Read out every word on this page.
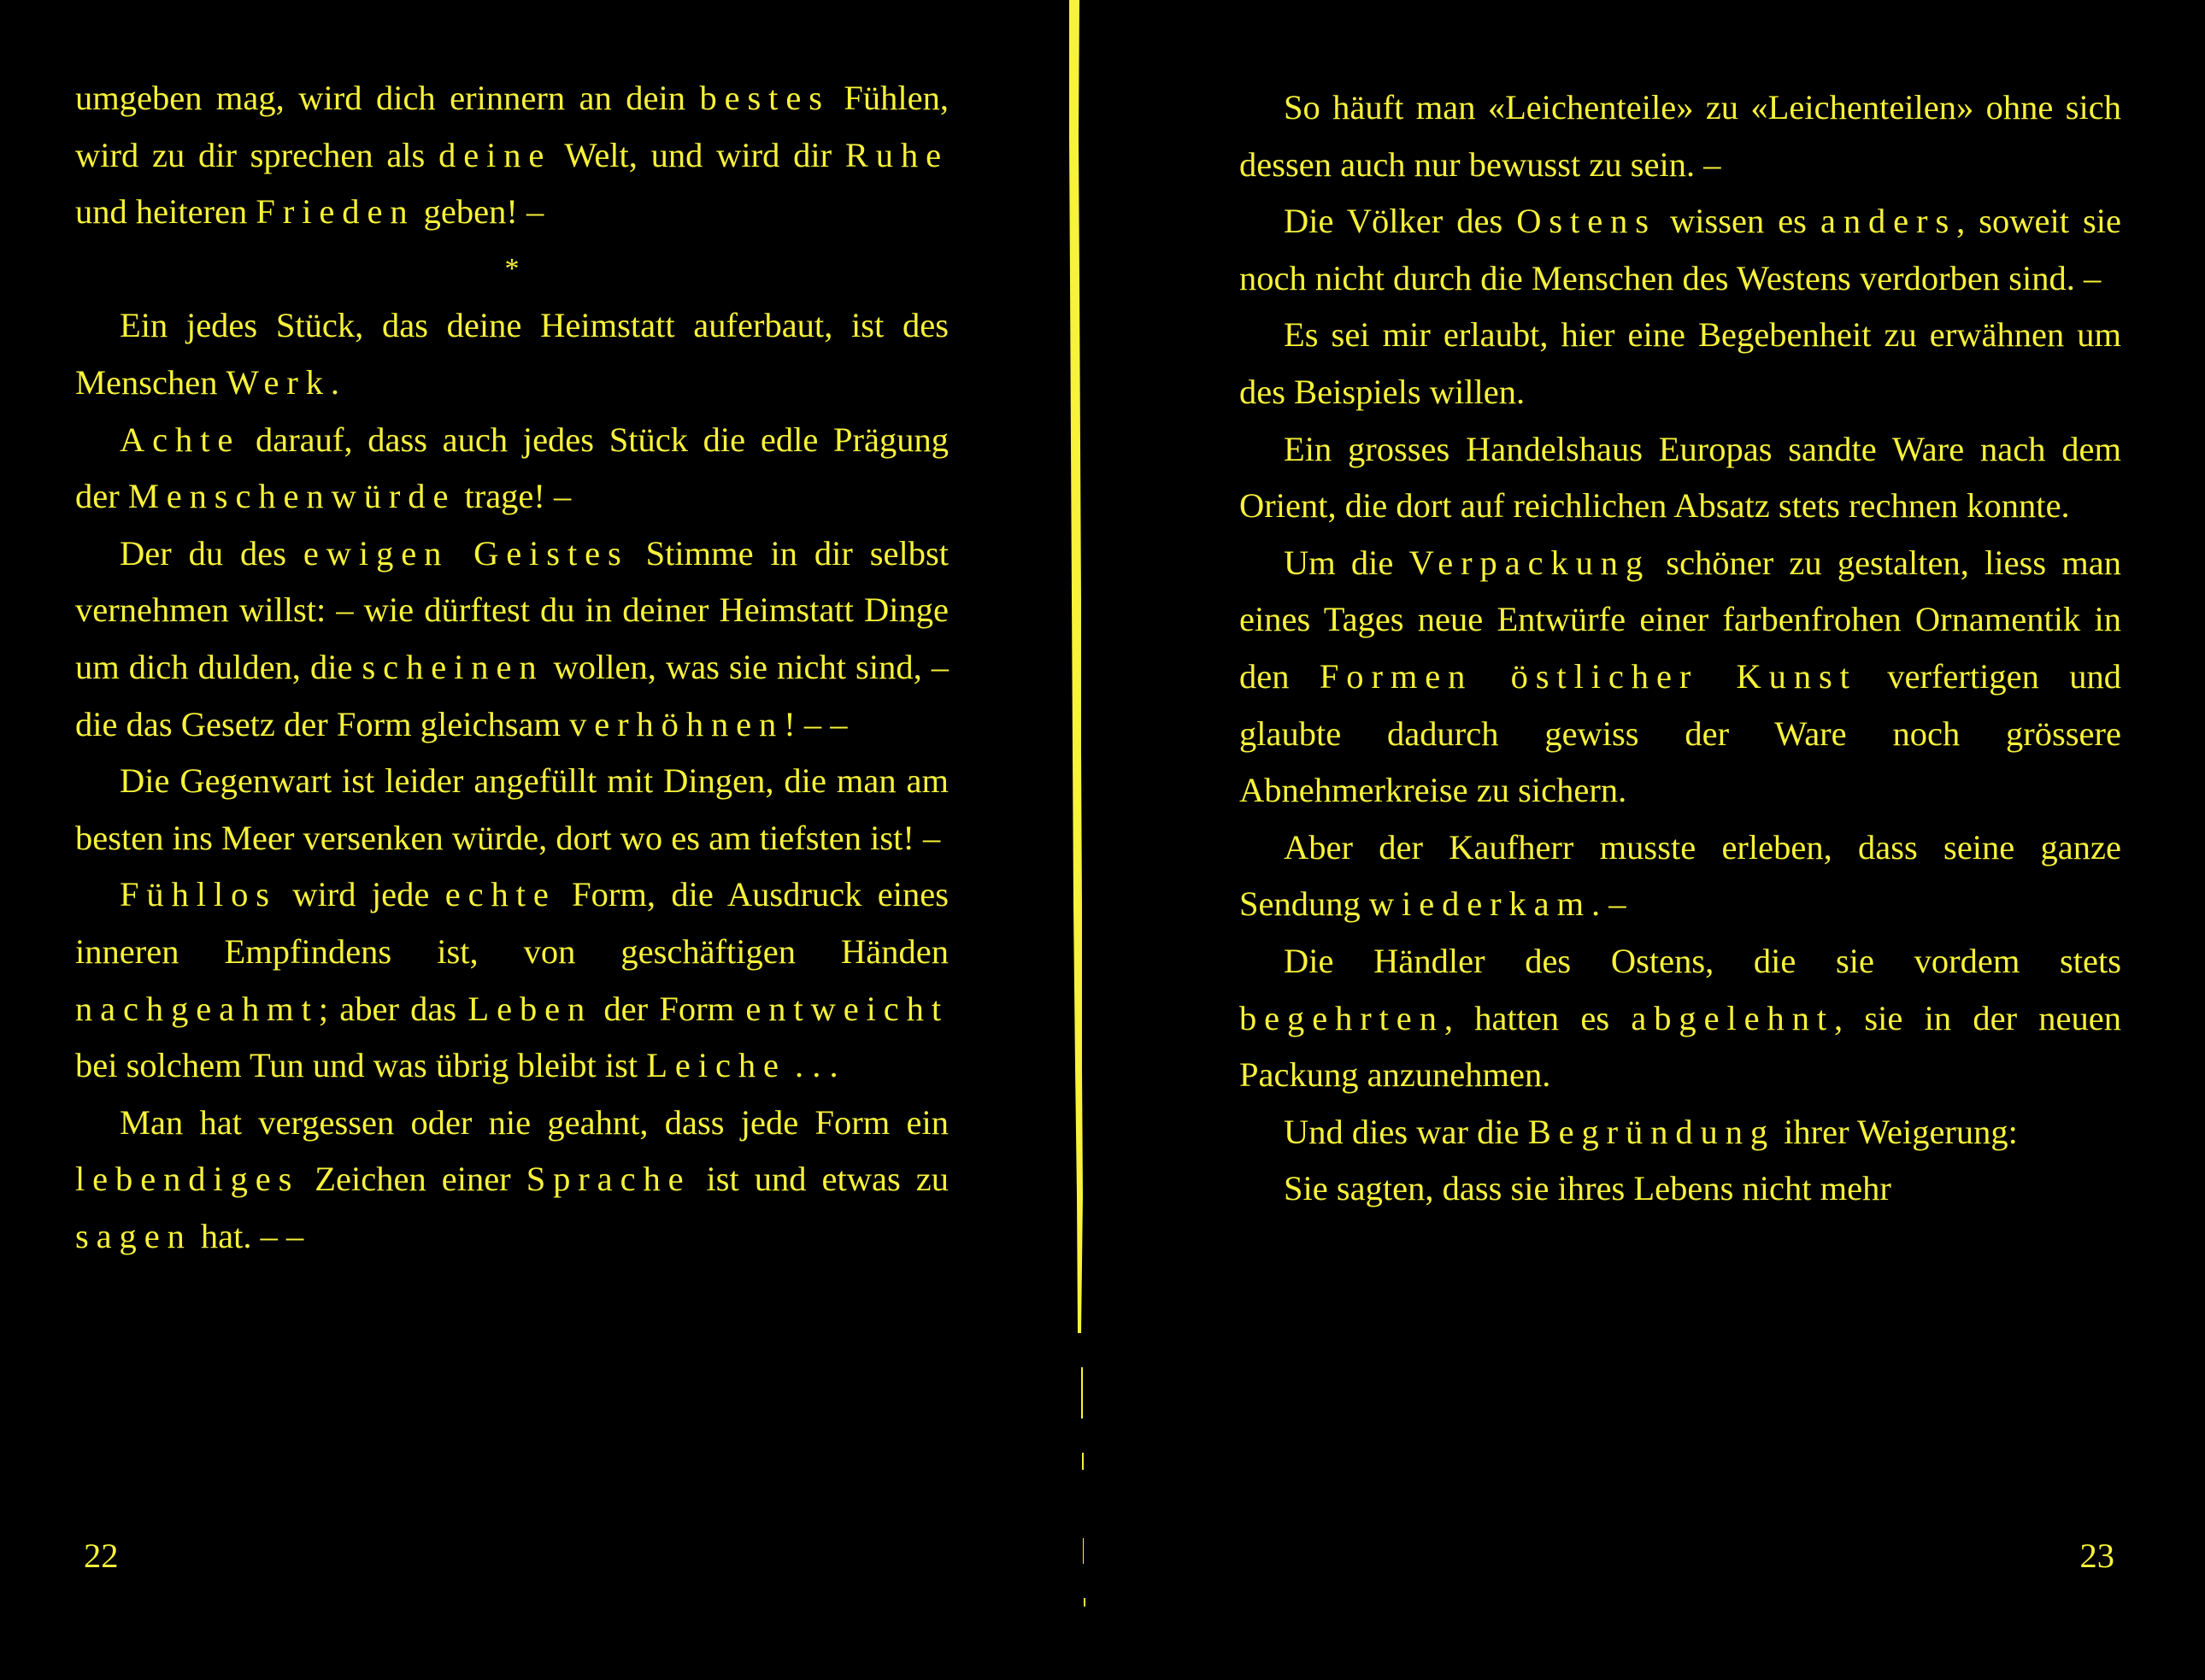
umgeben mag, wird dich erinnern an dein bestes Fühlen, wird zu dir sprechen als deine Welt, und wird dir Ruhe und heiteren Frieden geben! –

*

Ein jedes Stück, das deine Heimstatt auferbaut, ist des Menschen Werk.

Achte darauf, dass auch jedes Stück die edle Prägung der Menschenwürde trage! –

Der du des ewigen Geistes Stimme in dir selbst vernehmen willst: – wie dürftest du in deiner Heimstatt Dinge um dich dulden, die scheinen wollen, was sie nicht sind, – die das Gesetz der Form gleichsam verhöhnen! – –

Die Gegenwart ist leider angefüllt mit Dingen, die man am besten ins Meer versenken würde, dort wo es am tiefsten ist! –

Fühllos wird jede echte Form, die Ausdruck eines inneren Empfindens ist, von geschäftigen Händen nachgeahmt; aber das Leben der Form entweicht bei solchem Tun und was übrig bleibt ist Leiche . . .

Man hat vergessen oder nie geahnt, dass jede Form ein lebendiges Zeichen einer Sprache ist und etwas zu sagen hat. – –

22

So häuft man «Leichenteile» zu «Leichenteilen» ohne sich dessen auch nur bewusst zu sein. –

Die Völker des Ostens wissen es anders, soweit sie noch nicht durch die Menschen des Westens verdorben sind. –

Es sei mir erlaubt, hier eine Begebenheit zu erwähnen um des Beispiels willen.

Ein grosses Handelshaus Europas sandte Ware nach dem Orient, die dort auf reichlichen Absatz stets rechnen konnte.

Um die Verpackung schöner zu gestalten, liess man eines Tages neue Entwürfe einer farbenfrohen Ornamentik in den Formen östlicher Kunst verfertigen und glaubte dadurch gewiss der Ware noch grössere Abnehmerkreise zu sichern.

Aber der Kaufherr musste erleben, dass seine ganze Sendung wiederkam. –

Die Händler des Ostens, die sie vordem stets begehrten, hatten es abgelehnt, sie in der neuen Packung anzunehmen.

Und dies war die Begründung ihrer Weigerung:

Sie sagten, dass sie ihres Lebens nicht mehr

23
